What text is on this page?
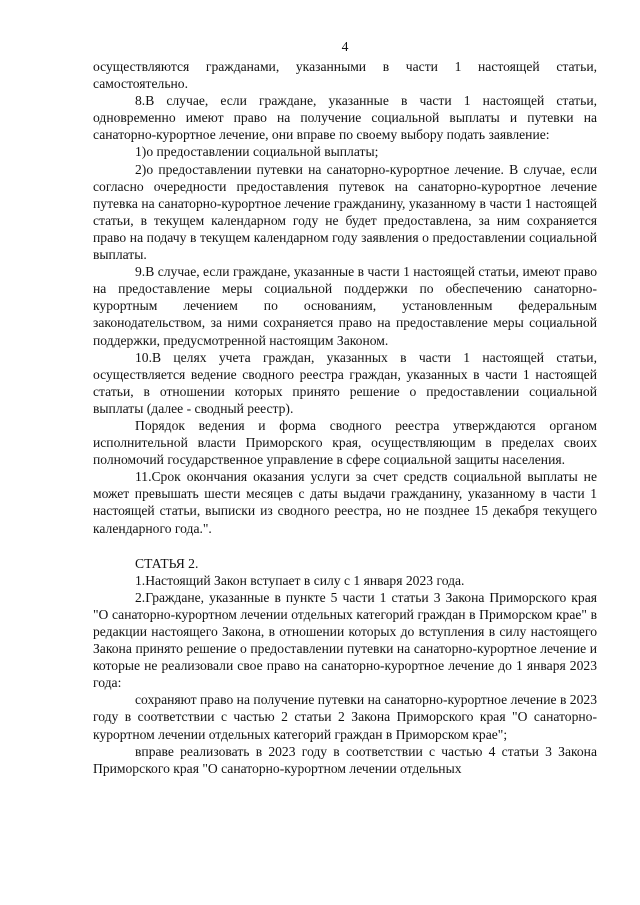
4

осуществляются гражданами, указанными в части 1 настоящей статьи, самостоятельно.

8.В случае, если граждане, указанные в части 1 настоящей статьи, одновременно имеют право на получение социальной выплаты и путевки на санаторно-курортное лечение, они вправе по своему выбору подать заявление:

1)о предоставлении социальной выплаты;

2)о предоставлении путевки на санаторно-курортное лечение. В случае, если согласно очередности предоставления путевок на санаторно-курортное лечение путевка на санаторно-курортное лечение гражданину, указанному в части 1 настоящей статьи, в текущем календарном году не будет предоставлена, за ним сохраняется право на подачу в текущем календарном году заявления о предоставлении социальной выплаты.

9.В случае, если граждане, указанные в части 1 настоящей статьи, имеют право на предоставление меры социальной поддержки по обеспечению санаторно-курортным лечением по основаниям, установленным федеральным законодательством, за ними сохраняется право на предоставление меры социальной поддержки, предусмотренной настоящим Законом.

10.В целях учета граждан, указанных в части 1 настоящей статьи, осуществляется ведение сводного реестра граждан, указанных в части 1 настоящей статьи, в отношении которых принято решение о предоставлении социальной выплаты (далее - сводный реестр).

Порядок ведения и форма сводного реестра утверждаются органом исполнительной власти Приморского края, осуществляющим в пределах своих полномочий государственное управление в сфере социальной защиты населения.

11.Срок окончания оказания услуги за счет средств социальной выплаты не может превышать шести месяцев с даты выдачи гражданину, указанному в части 1 настоящей статьи, выписки из сводного реестра, но не позднее 15 декабря текущего календарного года.".

СТАТЬЯ 2.

1.Настоящий Закон вступает в силу с 1 января 2023 года.

2.Граждане, указанные в пункте 5 части 1 статьи 3 Закона Приморского края "О санаторно-курортном лечении отдельных категорий граждан в Приморском крае" в редакции настоящего Закона, в отношении которых до вступления в силу настоящего Закона принято решение о предоставлении путевки на санаторно-курортное лечение и которые не реализовали свое право на санаторно-курортное лечение до 1 января 2023 года:

сохраняют право на получение путевки на санаторно-курортное лечение в 2023 году в соответствии с частью 2 статьи 2 Закона Приморского края "О санаторно-курортном лечении отдельных категорий граждан в Приморском крае";

вправе реализовать в 2023 году в соответствии с частью 4 статьи 3 Закона Приморского края "О санаторно-курортном лечении отдельных
